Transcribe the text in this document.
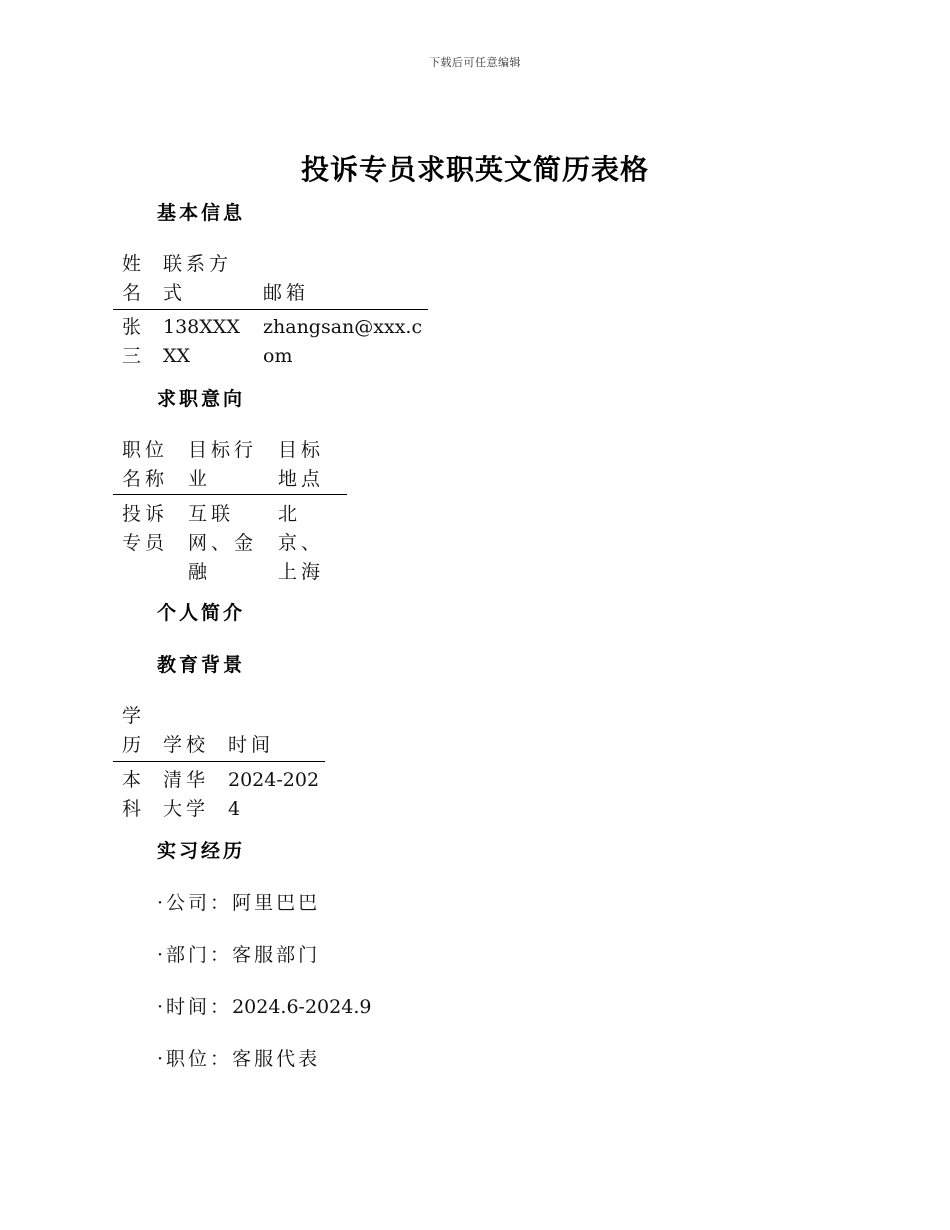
下载后可任意编辑
投诉专员求职英文简历表格
基本信息
姓名
联系方式	邮箱
张三
138XXXXX
zhangsan@xxx.com
求职意向
职位名称
目标行业
目标地点
投诉专员
互联网、金融
北京、上海
个人简介
教育背景
学历 学校 时间
本科
清华大学
2024-2024
实习经历
·公司：阿里巴巴
·部门：客服部门
·时间：2024.6-2024.9
·职位：客服代表
